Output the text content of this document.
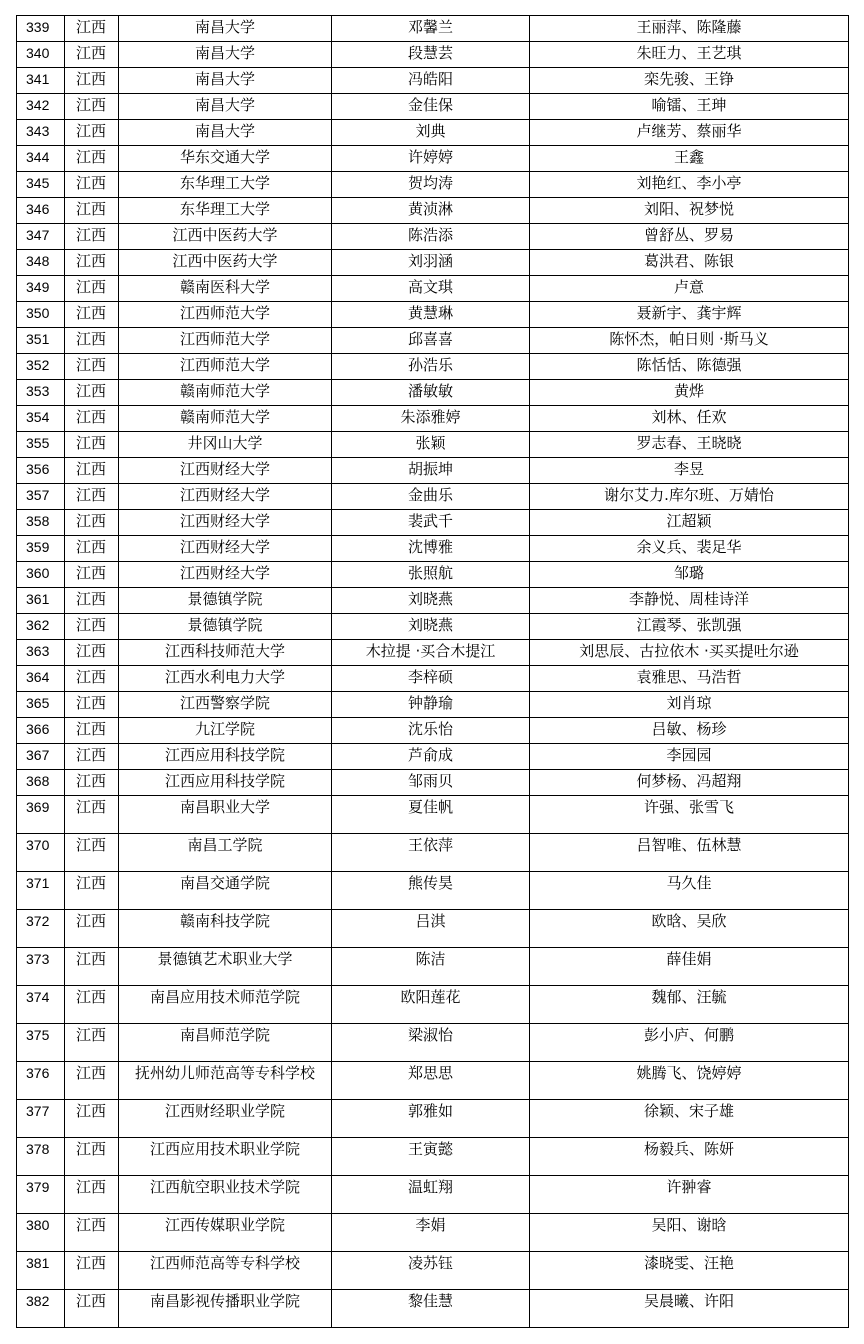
339	江西	南昌大学	邓馨兰	王丽萍、陈隆藤
340	江西	南昌大学	段慧芸	朱旺力、王艺琪
341	江西	南昌大学	冯皓阳	栾先骏、王铮
342	江西	南昌大学	金佳保	喻镭、王珅
343	江西	南昌大学	刘典	卢继芳、蔡丽华
344	江西	华东交通大学	许婷婷	王鑫
345	江西	东华理工大学	贺均涛	刘艳红、李小亭
346	江西	东华理工大学	黄浈淋	刘阳、祝梦悦
347	江西	江西中医药大学	陈浩添	曾舒丛、罗易
348	江西	江西中医药大学	刘羽涵	葛洪君、陈银
349	江西	赣南医科大学	高文琪	卢意
350	江西	江西师范大学	黄慧琳	聂新宇、龚宇辉
351	江西	江西师范大学	邱喜喜	陈怀杰，帕日则 ·斯马义
352	江西	江西师范大学	孙浩乐	陈恬恬、陈德强
353	江西	赣南师范大学	潘敏敏	黄烨
354	江西	赣南师范大学	朱添雅婷	刘林、任欢
355	江西	井冈山大学	张颖	罗志春、王晓晓
356	江西	江西财经大学	胡振坤	李昱
357	江西	江西财经大学	金曲乐	谢尔艾力.库尔班、万婧怡
358	江西	江西财经大学	裴武千	江超颖
359	江西	江西财经大学	沈博雅	余义兵、裴足华
360	江西	江西财经大学	张照航	邹璐
361	江西	景德镇学院	刘晓燕	李静悦、周桂诗洋
362	江西	景德镇学院	刘晓燕	江霞琴、张凯强
363	江西	江西科技师范大学	木拉提 ·买合木提江	刘思辰、古拉依木 ·买买提吐尔逊
364	江西	江西水利电力大学	李梓硕	袁雅思、马浩哲
365	江西	江西警察学院	钟静瑜	刘肖琼
366	江西	九江学院	沈乐怡	吕敏、杨珍
367	江西	江西应用科技学院	芦俞成	李园园
368	江西	江西应用科技学院	邹雨贝	何梦杨、冯超翔
369	江西	南昌职业大学	夏佳帆	许强、张雪飞
370	江西	南昌工学院	王依萍	吕智唯、伍林慧
371	江西	南昌交通学院	熊传昊	马久佳
372	江西	赣南科技学院	吕淇	欧晗、吴欣
373	江西	景德镇艺术职业大学	陈洁	薛佳娟
374	江西	南昌应用技术师范学院	欧阳莲花	魏郁、汪毓
375	江西	南昌师范学院	梁淑怡	彭小庐、何鹏
376	江西	抚州幼儿师范高等专科学校	郑思思	姚腾飞、饶婷婷
377	江西	江西财经职业学院	郭雅如	徐颖、宋子雄
378	江西	江西应用技术职业学院	王寅懿	杨毅兵、陈妍
379	江西	江西航空职业技术学院	温虹翔	许翀睿
380	江西	江西传媒职业学院	李娟	吴阳、谢晗
381	江西	江西师范高等专科学校	凌苏钰	漆晓雯、汪艳
382	江西	南昌影视传播职业学院	黎佳慧	吴晨曦、许阳
